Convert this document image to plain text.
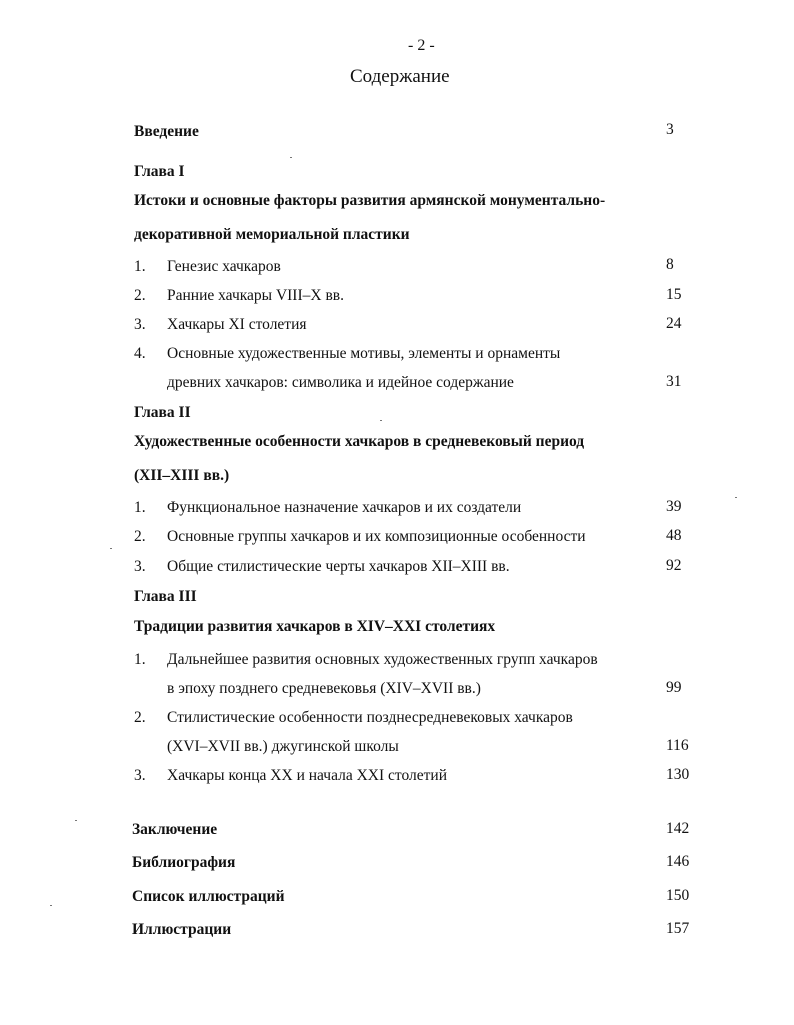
- 2 -
Содержание
Введение	3
Глава I
Истоки и основные факторы развития армянской монументально-
декоративной мемориальной пластики
1. Генезис хачкаров	8
2. Ранние хачкары VIII–X вв.	15
3. Хачкары XI столетия	24
4. Основные художественные мотивы, элементы и орнаменты
древних хачкаров: символика и идейное содержание	31
Глава II
Художественные особенности хачкаров в средневековый период
(XII–XIII вв.)
1. Функциональное назначение хачкаров и их создатели	39
2. Основные группы хачкаров и их композиционные особенности	48
3. Общие стилистические черты хачкаров XII–XIII вв.	92
Глава III
Традиции развития хачкаров в XIV–XXI столетиях
1. Дальнейшее развития основных художественных групп хачкаров
в эпоху позднего средневековья (XIV–XVII вв.)	99
2. Стилистические особенности позднесредневековых хачкаров
(XVI–XVII вв.) джугинской школы	116
3. Хачкары конца XX и начала XXI столетий	130
Заключение	142
Библиография	146
Список иллюстраций	150
Иллюстрации	157
